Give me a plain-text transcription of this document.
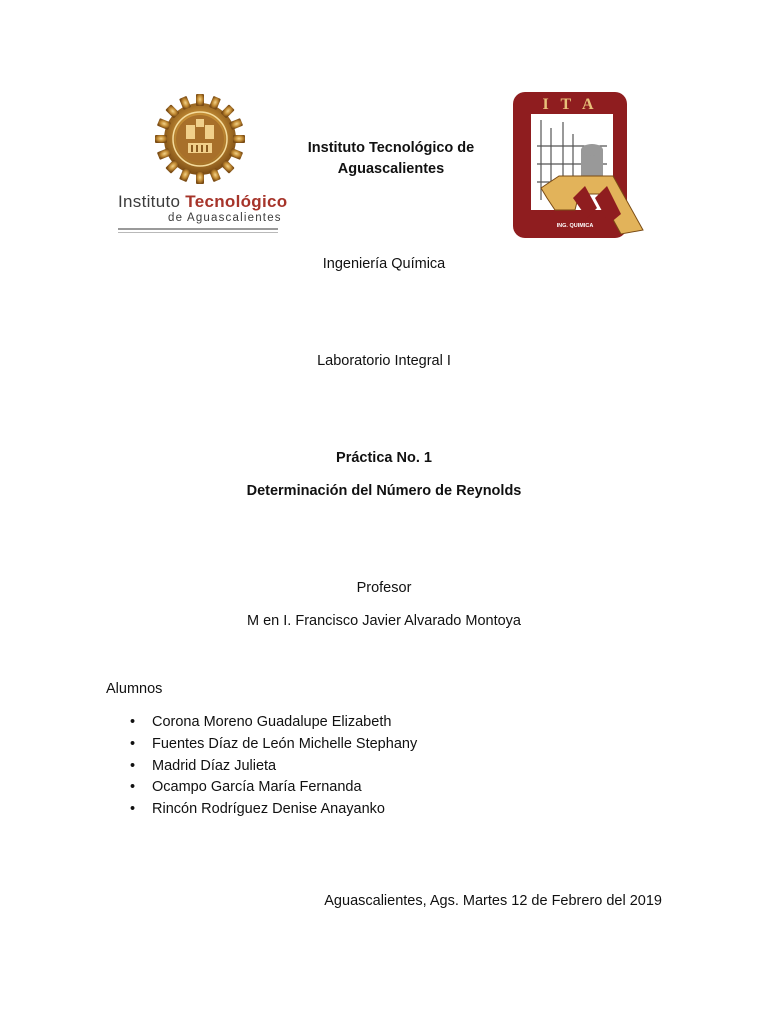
Instituto Tecnológico
de Aguascalientes
Instituto Tecnológico de
Aguascalientes
I T A
ING. QUIMICA
Ingeniería Química
Laboratorio Integral I
Práctica No. 1
Determinación del Número de Reynolds
Profesor
M en I. Francisco Javier Alvarado Montoya
Alumnos
• Corona Moreno Guadalupe Elizabeth
• Fuentes Díaz de León Michelle Stephany
• Madrid Díaz Julieta
• Ocampo García María Fernanda
• Rincón Rodríguez Denise Anayanko
Aguascalientes, Ags. Martes 12 de Febrero del 2019
